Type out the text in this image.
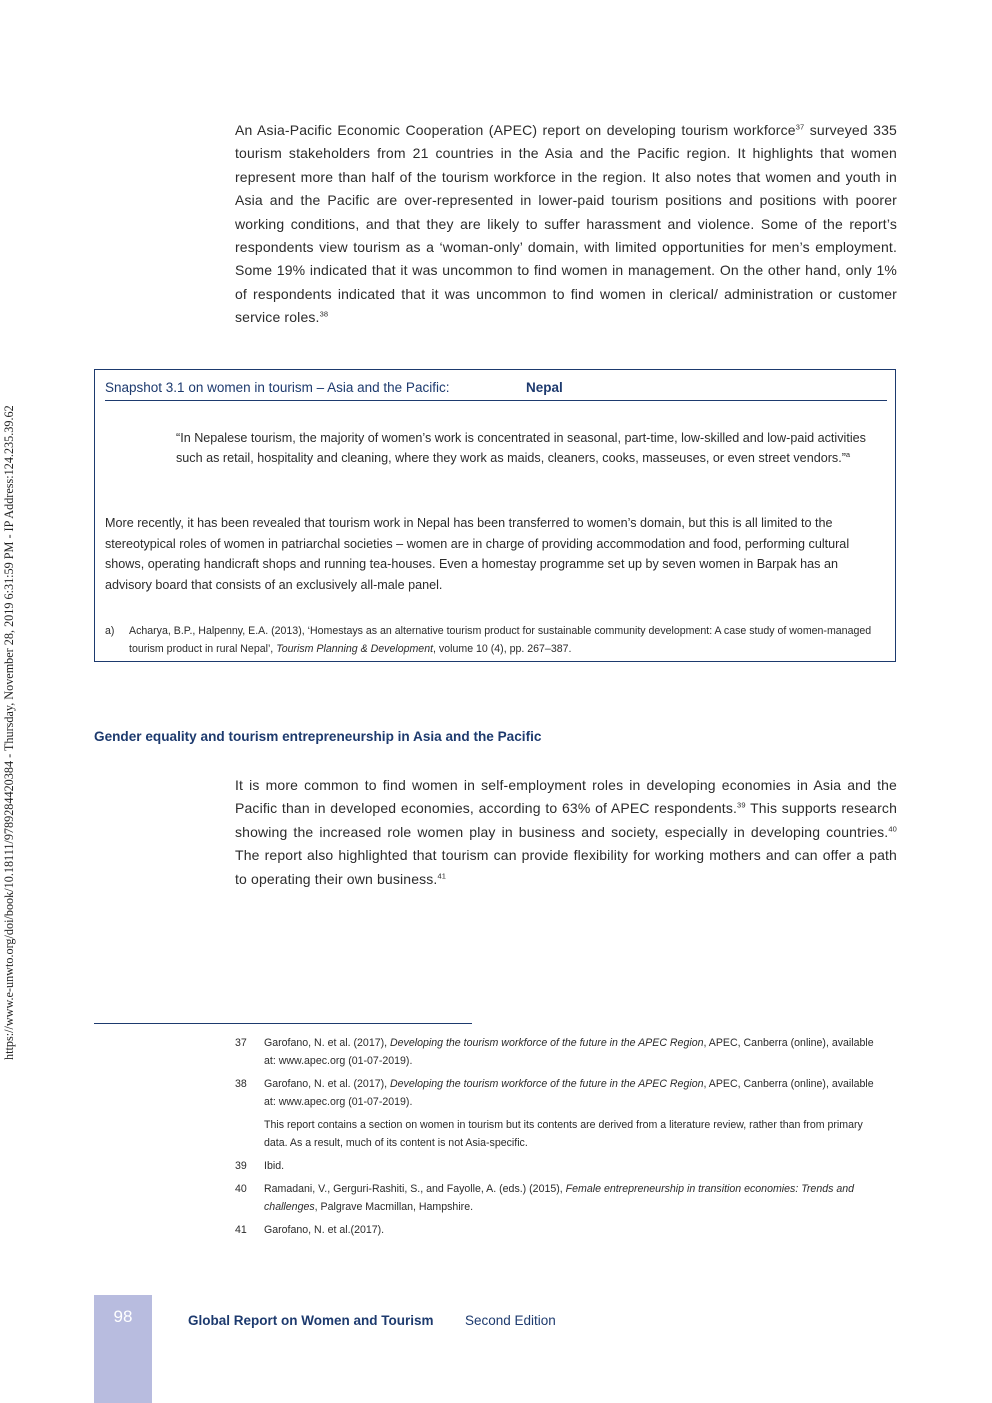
https://www.e-unwto.org/doi/book/10.18111/9789284420384 - Thursday, November 28, 2019 6:31:59 PM - IP Address:124.235.39.62

An Asia-Pacific Economic Cooperation (APEC) report on developing tourism workforce$^{37}$ surveyed 335 tourism stakeholders from 21 countries in the Asia and the Pacific region. It highlights that women represent more than half of the tourism workforce in the region. It also notes that women and youth in Asia and the Pacific are over-represented in lower-paid tourism positions and positions with poorer working conditions, and that they are likely to suffer harassment and violence. Some of the report’s respondents view tourism as a ‘woman-only’ domain, with limited opportunities for men’s employment. Some 19% indicated that it was uncommon to find women in management. On the other hand, only 1% of respondents indicated that it was uncommon to find women in clerical/ administration or customer service roles.$^{38}$

Snapshot 3.1 on women in tourism – Asia and the Pacific:	Nepal

“In Nepalese tourism, the majority of women’s work is concentrated in seasonal, part-time, low-skilled and low-paid activities such as retail, hospitality and cleaning, where they work as maids, cleaners, cooks, masseuses, or even street vendors.”$^a$

More recently, it has been revealed that tourism work in Nepal has been transferred to women’s domain, but this is all limited to the stereotypical roles of women in patriarchal societies – women are in charge of providing accommodation and food, performing cultural shows, operating handicraft shops and running tea-houses. Even a homestay programme set up by seven women in Barpak has an advisory board that consists of an exclusively all-male panel.

a) Acharya, B.P., Halpenny, E.A. (2013), ‘Homestays as an alternative tourism product for sustainable community development: A case study of women-managed tourism product in rural Nepal’, Tourism Planning & Development, volume 10 (4), pp. 267–387.
Gender equality and tourism entrepreneurship in Asia and the Pacific

It is more common to find women in self-employment roles in developing economies in Asia and the Pacific than in developed economies, according to 63% of APEC respondents.$^{39}$ This supports research showing the increased role women play in business and society, especially in developing countries.$^{40}$ The report also highlighted that tourism can provide flexibility for working mothers and can offer a path to operating their own business.$^{41}$

37 Garofano, N. et al. (2017), Developing the tourism workforce of the future in the APEC Region, APEC, Canberra (online), available at: www.apec.org (01-07-2019).
38 Garofano, N. et al. (2017), Developing the tourism workforce of the future in the APEC Region, APEC, Canberra (online), available at: www.apec.org (01-07-2019).
This report contains a section on women in tourism but its contents are derived from a literature review, rather than from primary data. As a result, much of its content is not Asia-specific.
39 Ibid.
40 Ramadani, V., Gerguri-Rashiti, S., and Fayolle, A. (eds.) (2015), Female entrepreneurship in transition economies: Trends and challenges, Palgrave Macmillan, Hampshire.
41 Garofano, N. et al.(2017).
98	Global Report on Women and Tourism Second Edition
